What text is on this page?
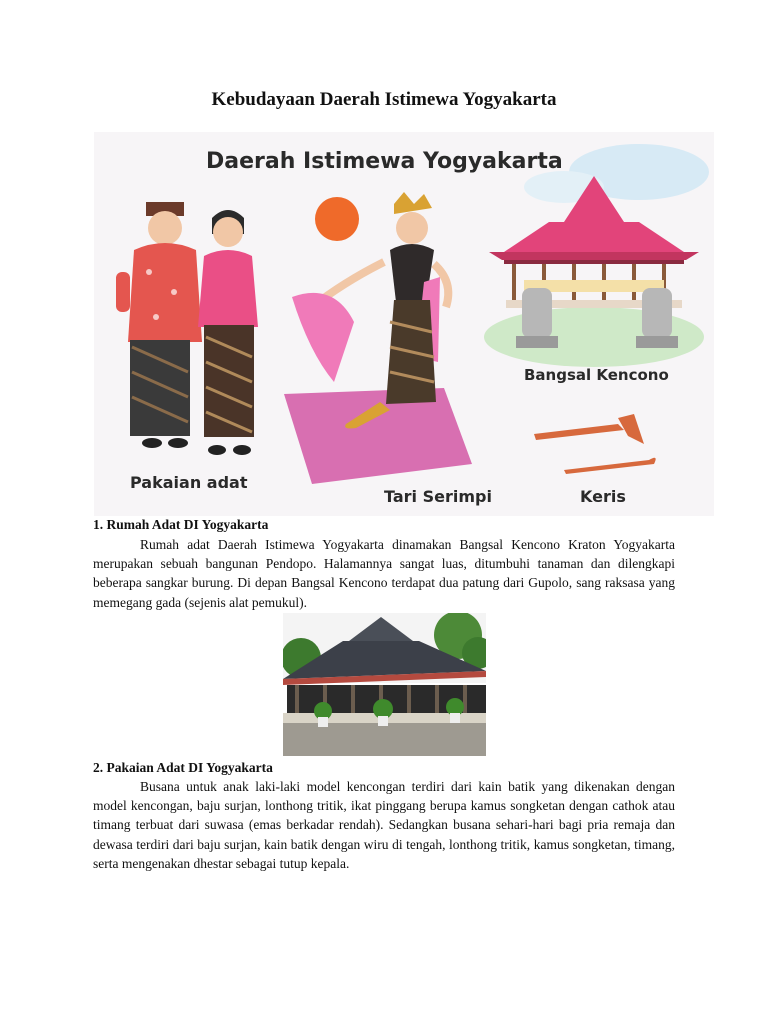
Kebudayaan Daerah Istimewa Yogyakarta
Daerah Istimewa Yogyakarta
Pakaian adat
Tari Serimpi
Bangsal Kencono
Keris
1. Rumah Adat DI Yogyakarta

Rumah adat Daerah Istimewa Yogyakarta dinamakan Bangsal Kencono Kraton Yogyakarta merupakan sebuah bangunan Pendopo. Halamannya sangat luas, ditumbuhi tanaman dan dilengkapi beberapa sangkar burung. Di depan Bangsal Kencono terdapat dua patung dari Gupolo, sang raksasa yang memegang gada (sejenis alat pemukul).

2. Pakaian Adat DI Yogyakarta

Busana untuk anak laki-laki model kencongan terdiri dari kain batik yang dikenakan dengan model kencongan, baju surjan, lonthong tritik, ikat pinggang berupa kamus songketan dengan cathok atau timang terbuat dari suwasa (emas berkadar rendah). Sedangkan busana sehari-hari bagi pria remaja dan dewasa terdiri dari baju surjan, kain batik dengan wiru di tengah, lonthong tritik, kamus songketan, timang, serta mengenakan dhestar sebagai tutup kepala.
